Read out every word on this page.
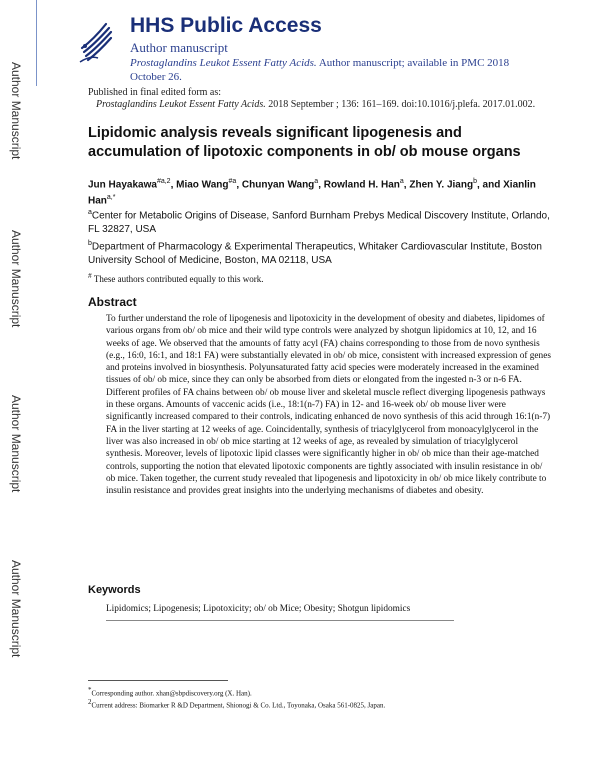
Author Manuscript
Author Manuscript
Author Manuscript
Author Manuscript
HHS Public Access
Author manuscript
Prostaglandins Leukot Essent Fatty Acids. Author manuscript; available in PMC 2018 October 26.
Published in final edited form as:
Prostaglandins Leukot Essent Fatty Acids. 2018 September ; 136: 161–169. doi:10.1016/j.plefa. 2017.01.002.
Lipidomic analysis reveals significant lipogenesis and accumulation of lipotoxic components in ob/ ob mouse organs
Jun Hayakawa$^{\#a,2}$, Miao Wang$^{\#a}$, Chunyan Wang$^a$, Rowland H. Han$^a$, Zhen Y. Jiang$^b$, and Xianlin Han$^{a,*}$
$^a$Center for Metabolic Origins of Disease, Sanford Burnham Prebys Medical Discovery Institute, Orlando, FL 32827, USA
$^b$Department of Pharmacology & Experimental Therapeutics, Whitaker Cardiovascular Institute, Boston University School of Medicine, Boston, MA 02118, USA
# These authors contributed equally to this work.
Abstract
To further understand the role of lipogenesis and lipotoxicity in the development of obesity and diabetes, lipidomes of various organs from ob/ ob mice and their wild type controls were analyzed by shotgun lipidomics at 10, 12, and 16 weeks of age. We observed that the amounts of fatty acyl (FA) chains corresponding to those from de novo synthesis (e.g., 16:0, 16:1, and 18:1 FA) were substantially elevated in ob/ ob mice, consistent with increased expression of genes and proteins involved in biosynthesis. Polyunsaturated fatty acid species were moderately increased in the examined tissues of ob/ ob mice, since they can only be absorbed from diets or elongated from the ingested n-3 or n-6 FA. Different profiles of FA chains between ob/ ob mouse liver and skeletal muscle reflect diverging lipogenesis pathways in these organs. Amounts of vaccenic acids (i.e., 18:1(n-7) FA) in 12- and 16-week ob/ ob mouse liver were significantly increased compared to their controls, indicating enhanced de novo synthesis of this acid through 16:1(n-7) FA in the liver starting at 12 weeks of age. Coincidentally, synthesis of triacylglycerol from monoacylglycerol in the liver was also increased in ob/ ob mice starting at 12 weeks of age, as revealed by simulation of triacylglycerol synthesis. Moreover, levels of lipotoxic lipid classes were significantly higher in ob/ ob mice than their age-matched controls, supporting the notion that elevated lipotoxic components are tightly associated with insulin resistance in ob/ ob mice. Taken together, the current study revealed that lipogenesis and lipotoxicity in ob/ ob mice likely contribute to insulin resistance and provides great insights into the underlying mechanisms of diabetes and obesity.
Keywords
Lipidomics; Lipogenesis; Lipotoxicity; ob/ ob Mice; Obesity; Shotgun lipidomics
*Corresponding author. xhan@sbpdiscovery.org (X. Han).
$^2$Current address: Biomarker R &D Department, Shionogi & Co. Ltd., Toyonaka, Osaka 561-0825, Japan.
